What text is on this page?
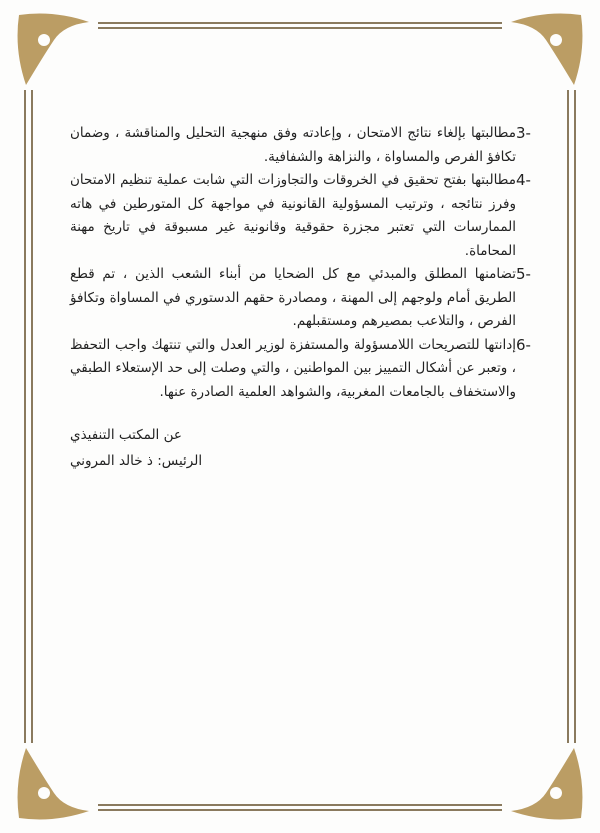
3-
مطالبتها بإلغاء نتائج الامتحان ، وإعادته وفق منهجية التحليل والمناقشة ، وضمان تكافؤ الفرص والمساواة ، والنزاهة والشفافية.
4-
مطالبتها بفتح تحقيق في الخروقات والتجاوزات التي شابت عملية تنظيم الامتحان وفرز نتائجه ، وترتيب المسؤولية القانونية في مواجهة كل المتورطين في هاته الممارسات التي تعتبر مجزرة حقوقية وقانونية غير مسبوقة في تاريخ مهنة المحاماة.
5-
تضامنها المطلق والمبدئي مع كل الضحايا من أبناء الشعب الذين ، تم قطع الطريق أمام ولوجهم إلى المهنة ، ومصادرة حقهم الدستوري في المساواة وتكافؤ الفرص ، والتلاعب بمصيرهم ومستقبلهم.
6-
إدانتها للتصريحات اللامسؤولة والمستفزة لوزير العدل والتي تنتهك واجب التحفظ ، وتعبر عن أشكال التمييز بين المواطنين ، والتي وصلت إلى حد الإستعلاء الطبقي والاستخفاف بالجامعات المغربية، والشواهد العلمية الصادرة عنها.
عن المكتب التنفيذي
الرئيس: ذ خالد المروني
